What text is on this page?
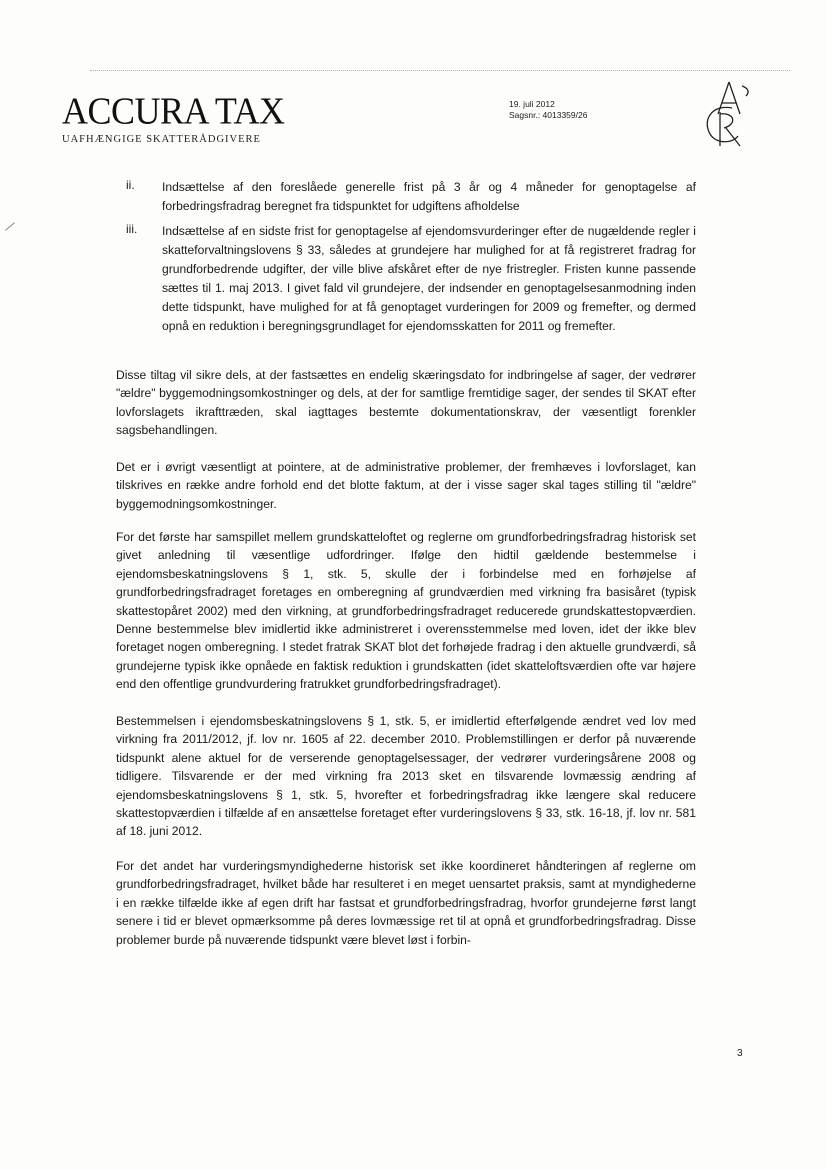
ACCURA TAX
UAFHÆNGIGE SKATTERÅDGIVERE
19. juli 2012
Sagsnr.: 4013359/26
ACR
ii.	Indsættelse af den foreslåede generelle frist på 3 år og 4 måneder for genoptagelse af forbedringsfradrag beregnet fra tidspunktet for udgiftens afholdelse
iii.	Indsættelse af en sidste frist for genoptagelse af ejendomsvurderinger efter de nugældende regler i skatteforvaltningslovens § 33, således at grundejere har mulighed for at få registreret fradrag for grundforbedrende udgifter, der ville blive afskåret efter de nye fristregler. Fristen kunne passende sættes til 1. maj 2013. I givet fald vil grundejere, der indsender en genoptagelsesanmodning inden dette tidspunkt, have mulighed for at få genoptaget vurderingen for 2009 og fremefter, og dermed opnå en reduktion i beregningsgrundlaget for ejendomsskatten for 2011 og fremefter.
Disse tiltag vil sikre dels, at der fastsættes en endelig skæringsdato for indbringelse af sager, der vedrører "ældre" byggemodningsomkostninger og dels, at der for samtlige fremtidige sager, der sendes til SKAT efter lovforslagets ikrafttræden, skal iagttages bestemte dokumentationskrav, der væsentligt forenkler sagsbehandlingen.
Det er i øvrigt væsentligt at pointere, at de administrative problemer, der fremhæves i lovforslaget, kan tilskrives en række andre forhold end det blotte faktum, at der i visse sager skal tages stilling til "ældre" byggemodningsomkostninger.
For det første har samspillet mellem grundskatteloftet og reglerne om grundforbedringsfradrag historisk set givet anledning til væsentlige udfordringer. Ifølge den hidtil gældende bestemmelse i ejendomsbeskatningslovens § 1, stk. 5, skulle der i forbindelse med en forhøjelse af grundforbedringsfradraget foretages en omberegning af grundværdien med virkning fra basisåret (typisk skattestopåret 2002) med den virkning, at grundforbedringsfradraget reducerede grundskattestopværdien. Denne bestemmelse blev imidlertid ikke administreret i overensstemmelse med loven, idet der ikke blev foretaget nogen omberegning. I stedet fratrak SKAT blot det forhøjede fradrag i den aktuelle grundværdi, så grundejerne typisk ikke opnåede en faktisk reduktion i grundskatten (idet skatteloftsværdien ofte var højere end den offentlige grundvurdering fratrukket grundforbedringsfradraget).
Bestemmelsen i ejendomsbeskatningslovens § 1, stk. 5, er imidlertid efterfølgende ændret ved lov med virkning fra 2011/2012, jf. lov nr. 1605 af 22. december 2010. Problemstillingen er derfor på nuværende tidspunkt alene aktuel for de verserende genoptagelsessager, der vedrører vurderingsårene 2008 og tidligere. Tilsvarende er der med virkning fra 2013 sket en tilsvarende lovmæssig ændring af ejendomsbeskatningslovens § 1, stk. 5, hvorefter et forbedringsfradrag ikke længere skal reducere skattestopværdien i tilfælde af en ansættelse foretaget efter vurderingslovens § 33, stk. 16-18, jf. lov nr. 581 af 18. juni 2012.
For det andet har vurderingsmyndighederne historisk set ikke koordineret håndteringen af reglerne om grundforbedringsfradraget, hvilket både har resulteret i en meget uensartet praksis, samt at myndighederne i en række tilfælde ikke af egen drift har fastsat et grundforbedringsfradrag, hvorfor grundejerne først langt senere i tid er blevet opmærksomme på deres lovmæssige ret til at opnå et grundforbedringsfradrag. Disse problemer burde på nuværende tidspunkt være blevet løst i forbin-
3
